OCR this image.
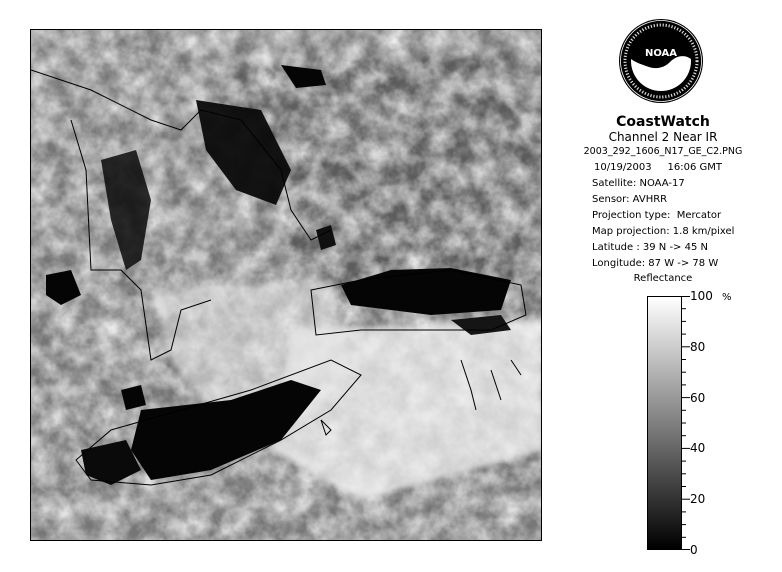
NOAA
CoastWatch
Channel 2 Near IR
2003_292_1606_N17_GE_C2.PNG
10/19/2003     16:06 GMT
Satellite: NOAA-17
Sensor: AVHRR
Projection type:  Mercator
Map projection: 1.8 km/pixel
Latitude : 39 N -> 45 N
Longitude: 87 W -> 78 W
Reflectance
%
100
80
60
40
20
0
